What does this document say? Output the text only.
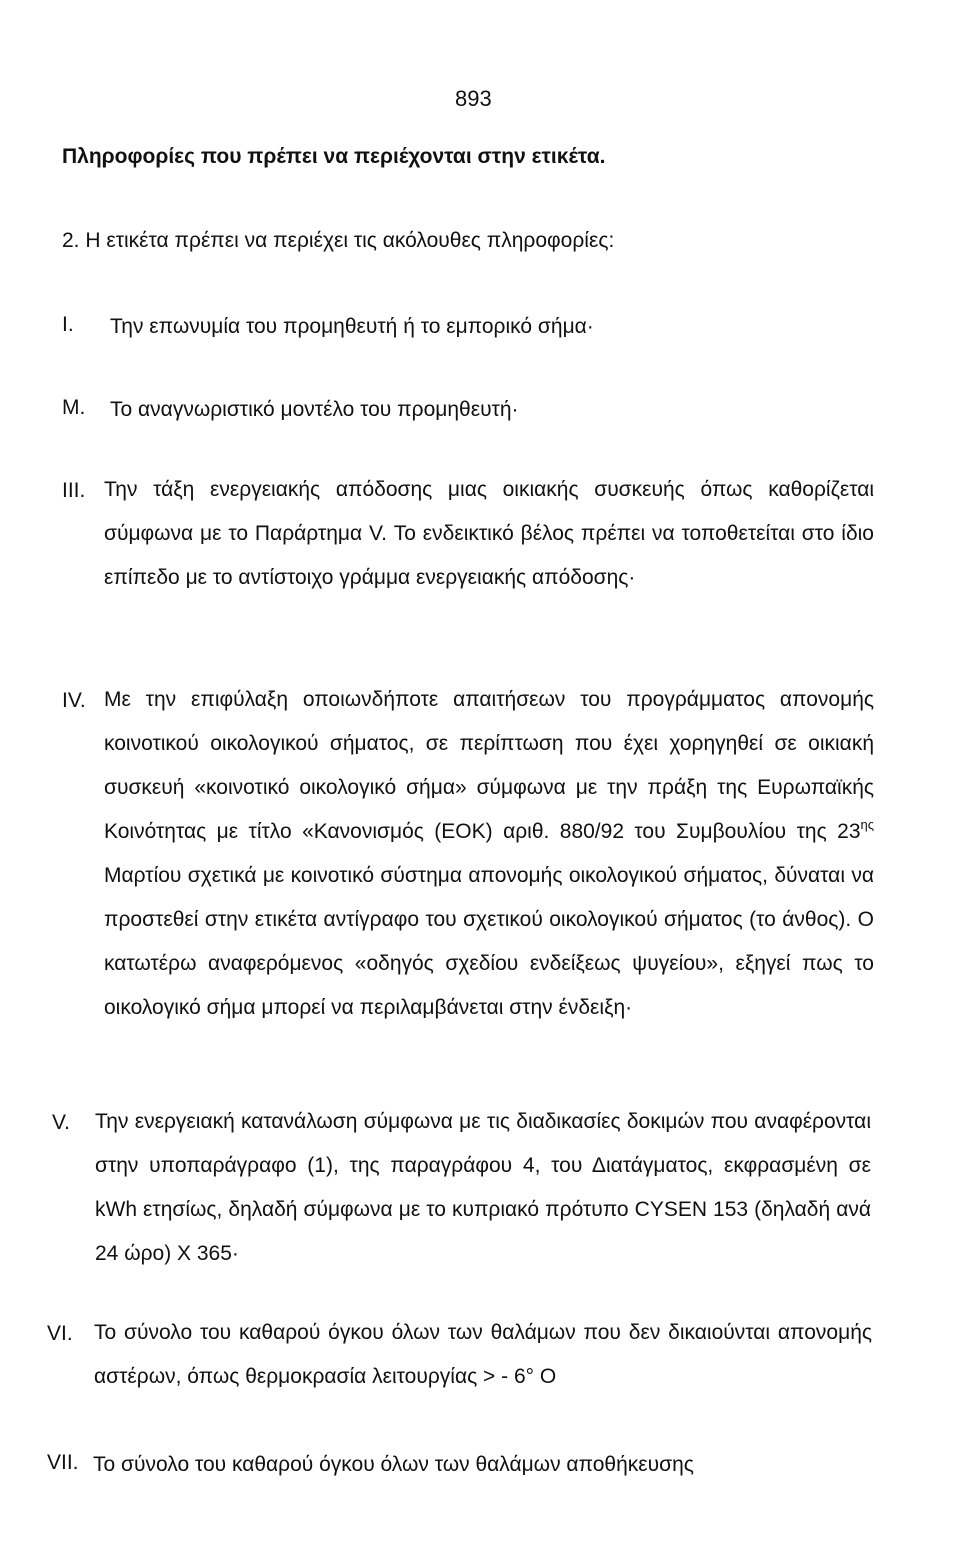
893
Πληροφορίες που πρέπει να περιέχονται στην ετικέτα.
2. Η ετικέτα πρέπει να περιέχει τις ακόλουθες πληροφορίες:
I. Την επωνυμία του προμηθευτή ή το εμπορικό σήμα·
Μ. Το αναγνωριστικό μοντέλο του προμηθευτή·
III. Την τάξη ενεργειακής απόδοσης μιας οικιακής συσκευής όπως καθορίζεται σύμφωνα με το Παράρτημα V. Το ενδεικτικό βέλος πρέπει να τοποθετείται στο ίδιο επίπεδο με το αντίστοιχο γράμμα ενεργειακής απόδοσης·
IV. Με την επιφύλαξη οποιωνδήποτε απαιτήσεων του προγράμματος απονομής κοινοτικού οικολογικού σήματος, σε περίπτωση που έχει χορηγηθεί σε οικιακή συσκευή «κοινοτικό οικολογικό σήμα» σύμφωνα με την πράξη της Ευρωπαϊκής Κοινότητας με τίτλο «Κανονισμός (ΕΟΚ) αριθ. 880/92 του Συμβουλίου της $23^{\eta\varsigma}$ Μαρτίου σχετικά με κοινοτικό σύστημα απονομής οικολογικού σήματος, δύναται να προστεθεί στην ετικέτα αντίγραφο του σχετικού οικολογικού σήματος (το άνθος). Ο κατωτέρω αναφερόμενος «οδηγός σχεδίου ενδείξεως ψυγείου», εξηγεί πως το οικολογικό σήμα μπορεί να περιλαμβάνεται στην ένδειξη·
V. Την ενεργειακή κατανάλωση σύμφωνα με τις διαδικασίες δοκιμών που αναφέρονται στην υποπαράγραφο (1), της παραγράφου 4, του Διατάγματος, εκφρασμένη σε kWh ετησίως, δηλαδή σύμφωνα με το κυπριακό πρότυπο CYSEN 153 (δηλαδή ανά 24 ώρο) Χ 365·
VI. Το σύνολο του καθαρού όγκου όλων των θαλάμων που δεν δικαιούνται απονομής αστέρων, όπως θερμοκρασία λειτουργίας > - 6° Ο
VII. Το σύνολο του καθαρού όγκου όλων των θαλάμων αποθήκευσης
